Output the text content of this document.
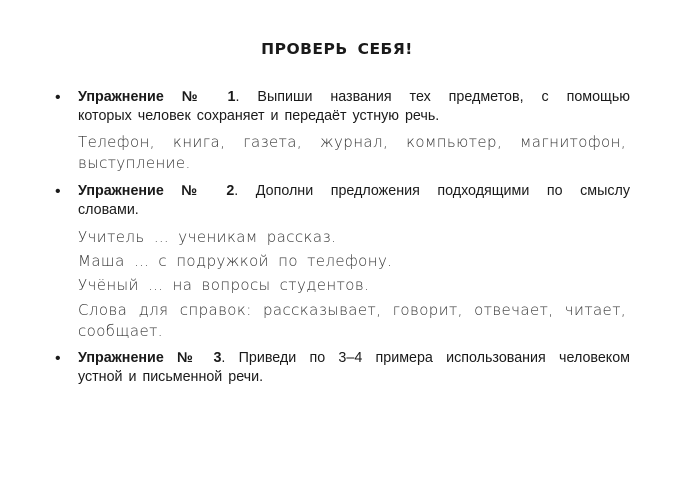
ПРОВЕРЬ СЕБЯ!
• Упражнение № 1. Выпиши названия тех предметов, с помощью
которых человек сохраняет и передаёт устную речь.
Телефон, книга, газета, журнал, компьютер, магнитофон,
выступление.
• Упражнение № 2. Дополни предложения подходящими по смыслу
словами.
Учитель … ученикам рассказ.
Маша … с подружкой по телефону.
Учёный … на вопросы студентов.
Слова для справок: рассказывает, говорит, отвечает, читает,
сообщает.
• Упражнение № 3. Приведи по 3–4 примера использования человеком
устной и письменной речи.
